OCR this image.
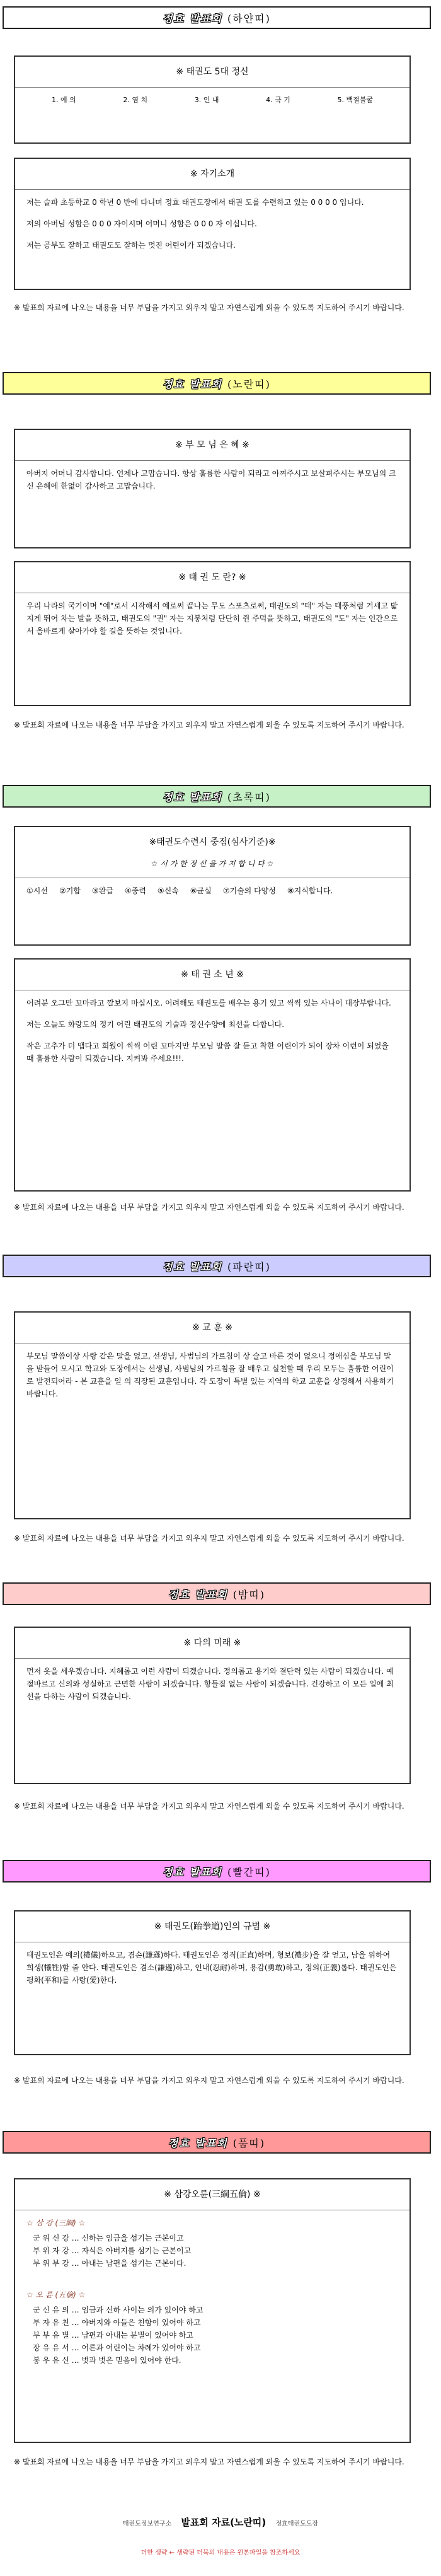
정효 발표회 (하얀띠)
※ 태권도 5대 정신
1. 예 의	2. 염 치	3. 인 내	4. 극 기	5. 백절불굴
※ 자기소개

저는 슬파 초등학교 0 학년 0 반에 다니며 정효 태권도장에서 태권 도를 수련하고 있는 0 0 0 0 입니다.

저의 아버님 성함은 0 0 0 자이시며 어머니 성함은 0 0 0 자 이십니다.

저는 공부도 잘하고 태권도도 잘하는 멋진 어린이가 되겠습니다.

※ 발표회 자료에 나오는 내용을 너무 부담을 가지고 외우지 말고 자연스럽게 외울 수 있도록 지도하여 주시기 바랍니다.
정효 발표회 (노란띠)
※ 부 모 님 은 혜 ※

아버지 어머니 감사합니다. 언제나 고맙습니다. 항상 훌륭한 사람이 되라고 아껴주시고 보살펴주시는 부모님의 크신 은혜에 한없이 감사하고 고맙습니다.

※ 태 권 도 란? ※

우리 나라의 국기이며 "예"로서 시작해서 예로써 끝나는 무도 스포츠로써, 태권도의 "태" 자는 태풍처럼 거세고 밟지게 뛰어 차는 발을 뜻하고, 태권도의 "권" 자는 지붕처럼 단단히 쥔 주먹을 뜻하고, 태권도의 "도" 자는 인간으로서 올바르게 살아가야 할 길을 뜻하는 것입니다.

※ 발표회 자료에 나오는 내용을 너무 부담을 가지고 외우지 말고 자연스럽게 외울 수 있도록 지도하여 주시기 바랍니다.
정효 발표회 (초록띠)
※태권도수련시 중점(심사기준)※
☆ 시 가 한 정 신 을 가 지 합 니 다 ☆
①시선 ②기합 ③완급 ④중력 ⑤신속 ⑥균실 ⑦기술의 다양성 ⑧지식합니다.
※ 태 권 소 년 ※

어려분 오그만 꼬마라고 깔보지 마십시오. 어려해도 태권도를 배우는 용기 있고 씩씩 있는 사나이 대장부랍니다.

저는 오늘도 화랑도의 정기 어린 태권도의 기술과 정신수양에 최선을 다합니다.

작은 고추가 더 맵다고 희웠이 씩씩 어린 꼬마지만 부모님 말씀 잘 듣고 착한 어린이가 되어 장차 이런이 되었을 때 훌륭한 사람이 되겠습니다. 지켜봐 주세요!!!.

※ 발표회 자료에 나오는 내용을 너무 부담을 가지고 외우지 말고 자연스럽게 외울 수 있도록 지도하여 주시기 바랍니다.
정효 발표회 (파란띠)
※ 교 훈 ※

부모님 말씀이상 사랑 같은 말을 없고, 선생님, 사범님의 가르침이 상 슬고 바른 것이 없으니 정애심을 부모님 말 을 받들어 모시고 학교와 도장에서는 선생님, 사범님의 가르침을 잘 배우고 실천할 때 우리 모두는 훌륭한 어린이로 발전되어라 - 본 교훈을 일 의 직장된 교훈입니다. 각 도장이 특별 있는 지역의 학교 교훈을 상경해서 사용하기 바랍니다.

※ 발표회 자료에 나오는 내용을 너무 부담을 가지고 외우지 말고 자연스럽게 외울 수 있도록 지도하여 주시기 바랍니다.
정효 발표회 (밤띠)
※ 다의 미래 ※

먼저 옷을 세우겠습니다. 지혜롭고 이런 사람이 되겠습니다. 정의롭고 용기와 결단력 있는 사람이 되겠습니다. 예절바르고 신의와 성실하고 근면한 사람이 되겠습니다. 항들질 없는 사람이 되겠습니다. 건강하고 이 모든 일에 최선을 다하는 사람이 되겠습니다.

※ 발표회 자료에 나오는 내용을 너무 부담을 가지고 외우지 말고 자연스럽게 외울 수 있도록 지도하여 주시기 바랍니다.
정효 발표회 (빨간띠)
※ 태권도(跆拳道)인의 규범 ※

태권도인은 예의(禮儀)하으고, 겸손(謙遜)하다. 태권도인은 정직(正直)하며, 형보(禮步)을 잘 얻고, 남을 위하여 희생(犧牲)할 줄 안다. 태권도인은 겸소(謙遜)하고, 인내(忍耐)하며, 용감(勇敢)하고, 정의(正義)롭다. 태권도인은 평화(平和)를 사랑(愛)한다.

※ 발표회 자료에 나오는 내용을 너무 부담을 가지고 외우지 말고 자연스럽게 외울 수 있도록 지도하여 주시기 바랍니다.
정효 발표회 (품띠)
※ 삼강오륜(三綱五倫) ※
☆ 삼 강 (三綱) ☆
군 위 신 강 … 신하는 임금을 섬기는 근본이고
부 위 자 강 … 자식은 아버지를 섬기는 근본이고
부 위 부 강 … 아내는 남편을 섬기는 근본이다.
☆ 오 륜 (五倫) ☆
군 신 유 의 … 임금과 신하 사이는 의가 있어야 하고
부 자 유 친 … 아버지와 아들은 친함이 있어야 하고
부 부 유 별 … 남편과 아내는 분별이 있어야 하고
장 유 유 서 … 어른과 어린이는 차례가 있어야 하고
붕 우 유 신 … 벗과 벗은 믿음이 있어야 한다.
※ 발표회 자료에 나오는 내용을 너무 부담을 가지고 외우지 말고 자연스럽게 외울 수 있도록 지도하여 주시기 바랍니다.
태권도정보연구소 발표회 자료(노란띠) 정효태권도도장
더한 생략 ← 생략된 더북의 내용은 원본파일을 참조하세요
